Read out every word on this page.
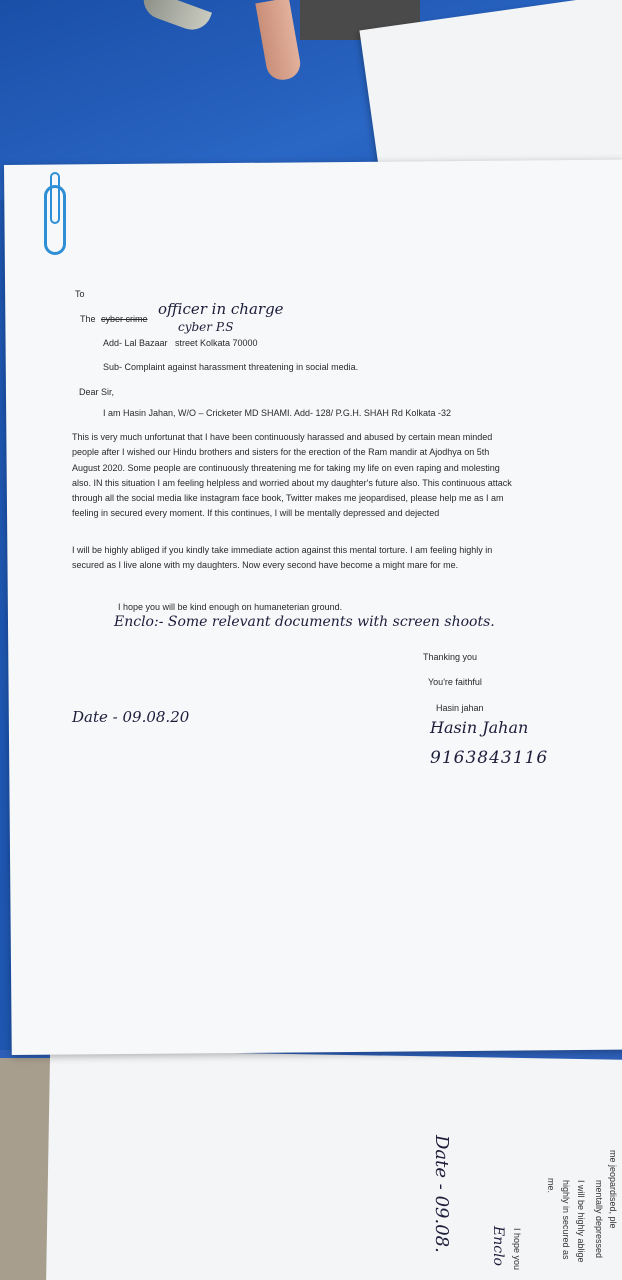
me jeopardised, ple
mentally depressed
I will be highly ablige
highly in secured as
me.
I hope you
Enclo
Date - 09.08.
To
The cyber crime
officer in charge
cyber P.S
Add- Lal Bazaar street Kolkata 70000
Sub- Complaint against harassment threatening in social media.
Dear Sir,
I am Hasin Jahan, W/O – Cricketer MD SHAMI. Add- 128/ P.G.H. SHAH Rd Kolkata -32
This is very much unfortunat that I have been continuously harassed and abused by certain mean minded people after I wished our Hindu brothers and sisters for the erection of the Ram mandir at Ajodhya on 5th August 2020. Some people are continuously threatening me for taking my life on even raping and molesting also. IN this situation I am feeling helpless and worried about my daughter's future also. This continuous attack through all the social media like instagram face book, Twitter makes me jeopardised, please help me as I am feeling in secured every moment. If this continues, I will be mentally depressed and dejected
I will be highly abliged if you kindly take immediate action against this mental torture. I am feeling highly in secured as I live alone with my daughters. Now every second have become a might mare for me.
I hope you will be kind enough on humaneterian ground.
Enclo:- Some relevant documents with screen shoots.
Thanking you
You're faithful
Hasin jahan
Date - 09.08.20
Hasin Jahan
9163843116
